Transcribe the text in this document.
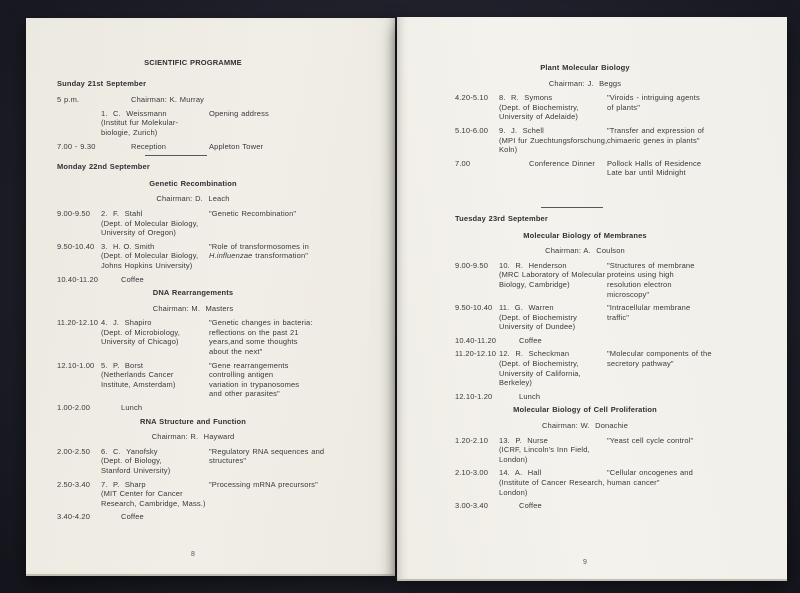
SCIENTIFIC PROGRAMME
Sunday 21st September
5 p.m.	Chairman: K. Murray
1.  C.  Weissmann
(Institut fur Molekular-
biologie, Zurich)
Opening address
7.00 - 9.30	Reception	Appleton Tower
Monday 22nd September
Genetic Recombination
Chairman: D.  Leach
9.00-9.50	2.  F.  Stahl
(Dept. of Molecular Biology,
University of Oregon)
"Genetic Recombination"
9.50-10.40 3.  H. O. Smith
(Dept. of Molecular Biology,
Johns Hopkins University)
"Role of transformosomes in
H.influenzae transformation"
10.40-11.20	Coffee
DNA Rearrangements
Chairman: M.  Masters
11.20-12.10 4.  J.  Shapiro
(Dept. of Microbiology,
University of Chicago)
"Genetic changes in bacteria:
reflections on the past 21
years,and some thoughts
about the next"
12.10-1.00 5.  P.  Borst
(Netherlands Cancer
Institute, Amsterdam)
"Gene rearrangements
controlling antigen
variation in trypanosomes
and other parasites"
1.00-2.00	Lunch
RNA Structure and Function
Chairman: R.  Hayward
2.00-2.50	6.  C.  Yanofsky
(Dept. of Biology,
Stanford University)
"Regulatory RNA sequences and
structures"
2.50-3.40	7.  P.  Sharp
(MIT Center for Cancer
Research, Cambridge, Mass.)
"Processing mRNA precursors"
3.40-4.20	Coffee
8
Plant Molecular Biology
Chairman: J.  Beggs
4.20-5.10	8.  R.  Symons
(Dept. of Biochemistry,
University of Adelaide)
"Viroids - intriguing agents
of plants"
5.10-6.00	9.  J.  Schell
(MPI fur Zuechtungsforschung,
Koln)
"Transfer and expression of
chimaeric genes in plants"
7.00	Conference Dinner	Pollock Halls of Residence
Late bar until Midnight
Tuesday 23rd September
Molecular Biology of Membranes
Chairman: A.  Coulson
9.00-9.50	10.  R.  Henderson
(MRC Laboratory of Molecular
Biology, Cambridge)
"Structures of membrane
proteins using high
resolution electron
microscopy"
9.50-10.40 11.  G.  Warren
(Dept. of Biochemistry
University of Dundee)
"Intracellular membrane
traffic"
10.40-11.20	Coffee
11.20-12.10 12.  R.  Scheckman
(Dept. of Biochemistry,
University of California,
Berkeley)
"Molecular components of the
secretory pathway"
12.10-1.20	Lunch
Molecular Biology of Cell Proliferation
Chairman: W.  Donachie
1.20-2.10	13.  P.  Nurse
(ICRF, Lincoln's Inn Field,
London)
"Yeast cell cycle control"
2.10-3.00	14.  A.  Hall
(Institute of Cancer Research,
London)
"Cellular oncogenes and
human cancer"
3.00-3.40	Coffee
9
